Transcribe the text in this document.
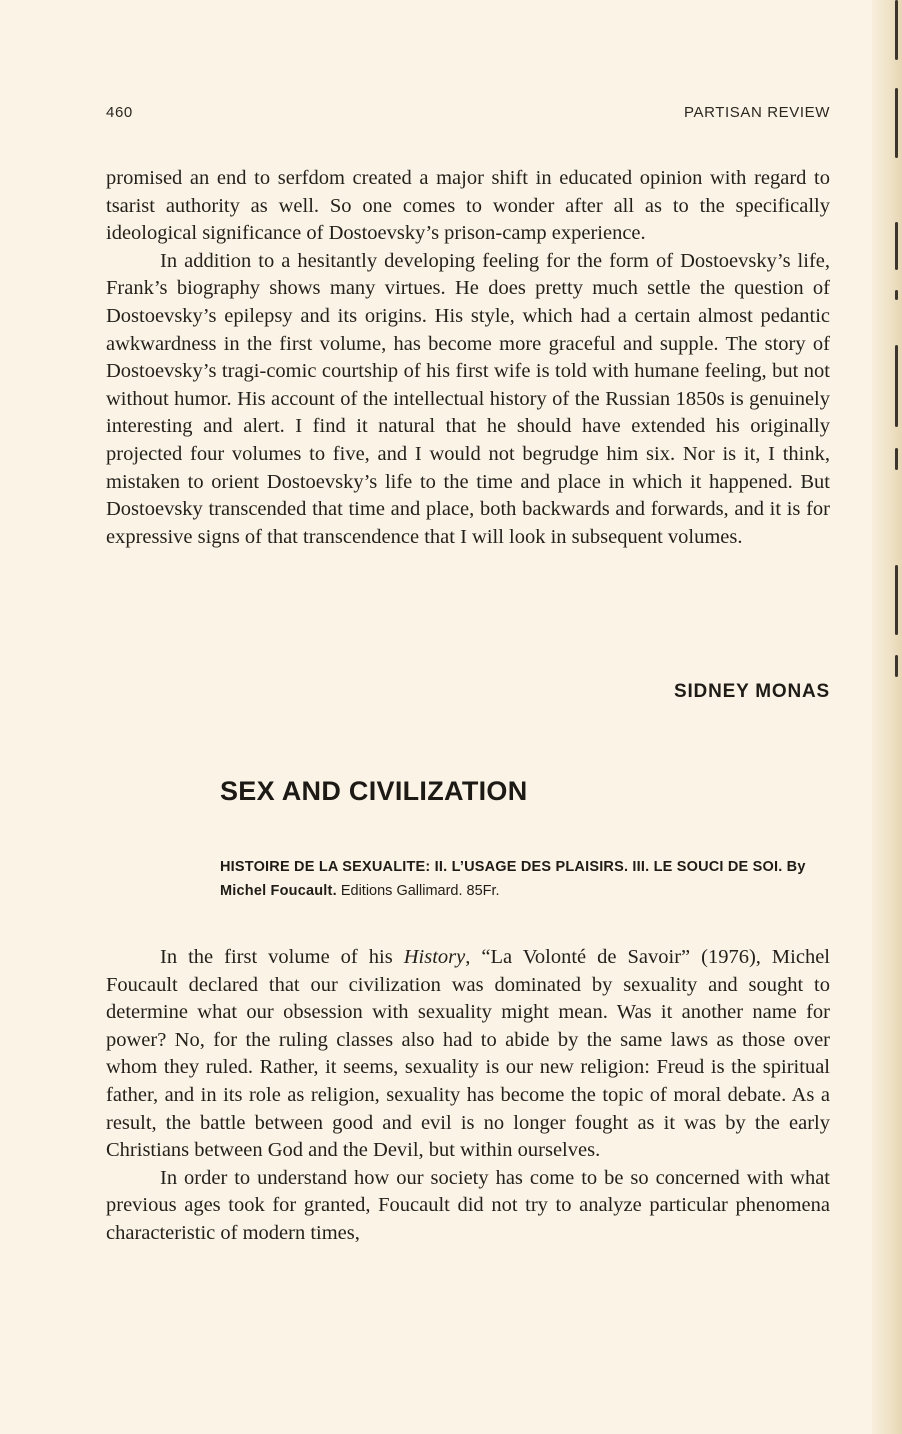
460	PARTISAN REVIEW

promised an end to serfdom created a major shift in educated opinion with regard to tsarist authority as well. So one comes to wonder after all as to the specifically ideological significance of Dostoevsky’s prison-camp experience.

In addition to a hesitantly developing feeling for the form of Dostoevsky’s life, Frank’s biography shows many virtues. He does pretty much settle the question of Dostoevsky’s epilepsy and its origins. His style, which had a certain almost pedantic awkwardness in the first volume, has become more graceful and supple. The story of Dostoevsky’s tragi-comic courtship of his first wife is told with humane feeling, but not without humor. His account of the intellectual history of the Russian 1850s is genuinely interesting and alert. I find it natural that he should have extended his originally projected four volumes to five, and I would not begrudge him six. Nor is it, I think, mistaken to orient Dostoevsky’s life to the time and place in which it happened. But Dostoevsky transcended that time and place, both backwards and forwards, and it is for expressive signs of that transcendence that I will look in subsequent volumes.

SIDNEY MONAS
SEX AND CIVILIZATION
HISTOIRE DE LA SEXUALITE: II. L’USAGE DES PLAISIRS. III. LE SOUCI DE SOI. By Michel Foucault. Editions Gallimard. 85Fr.

In the first volume of his History, “La Volonté de Savoir” (1976), Michel Foucault declared that our civilization was dominated by sexuality and sought to determine what our obsession with sexuality might mean. Was it another name for power? No, for the ruling classes also had to abide by the same laws as those over whom they ruled. Rather, it seems, sexuality is our new religion: Freud is the spiritual father, and in its role as religion, sexuality has become the topic of moral debate. As a result, the battle between good and evil is no longer fought as it was by the early Christians between God and the Devil, but within ourselves.

In order to understand how our society has come to be so concerned with what previous ages took for granted, Foucault did not try to analyze particular phenomena characteristic of modern times,
